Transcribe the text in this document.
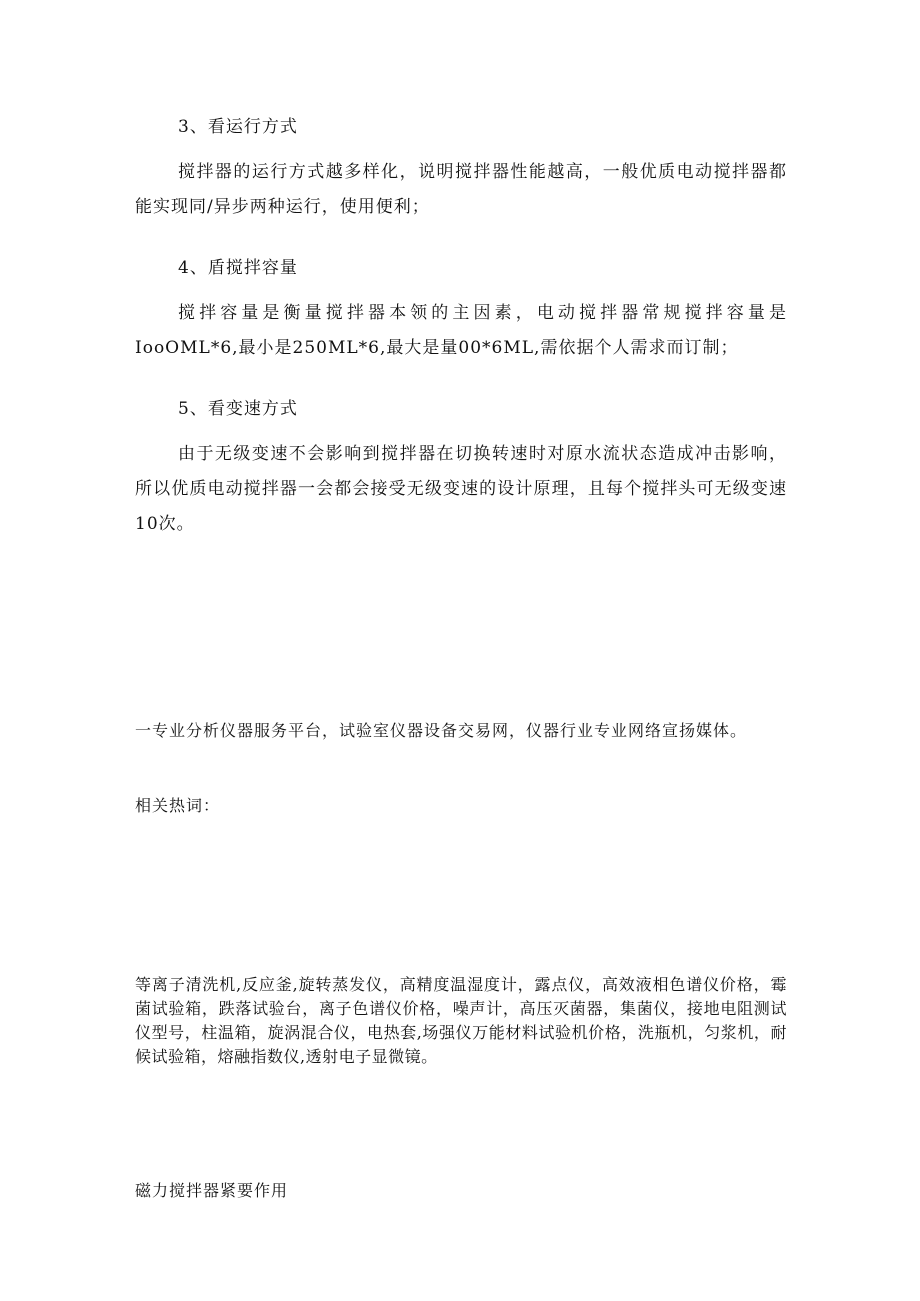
3、看运行方式

搅拌器的运行方式越多样化，说明搅拌器性能越高，一般优质电动搅拌器都能实现同/异步两种运行，使用便利；

4、盾搅拌容量

搅拌容量是衡量搅拌器本领的主因素，电动搅拌器常规搅拌容量是IooOML*6,最小是250ML*6,最大是量00*6ML,需依据个人需求而订制；

5、看变速方式

由于无级变速不会影响到搅拌器在切换转速时对原水流状态造成冲击影响，所以优质电动搅拌器一会都会接受无级变速的设计原理，且每个搅拌头可无级变速10次。

一专业分析仪器服务平台，试验室仪器设备交易网，仪器行业专业网络宣扬媒体。

相关热词：

等离子清洗机,反应釜,旋转蒸发仪，高精度温湿度计，露点仪，高效液相色谱仪价格，霉菌试验箱，跌落试验台，离子色谱仪价格，噪声计，高压灭菌器，集菌仪，接地电阻测试仪型号，柱温箱，旋涡混合仪，电热套,场强仪万能材料试验机价格，洗瓶机，匀浆机，耐候试验箱，熔融指数仪,透射电子显微镜。

磁力搅拌器紧要作用
